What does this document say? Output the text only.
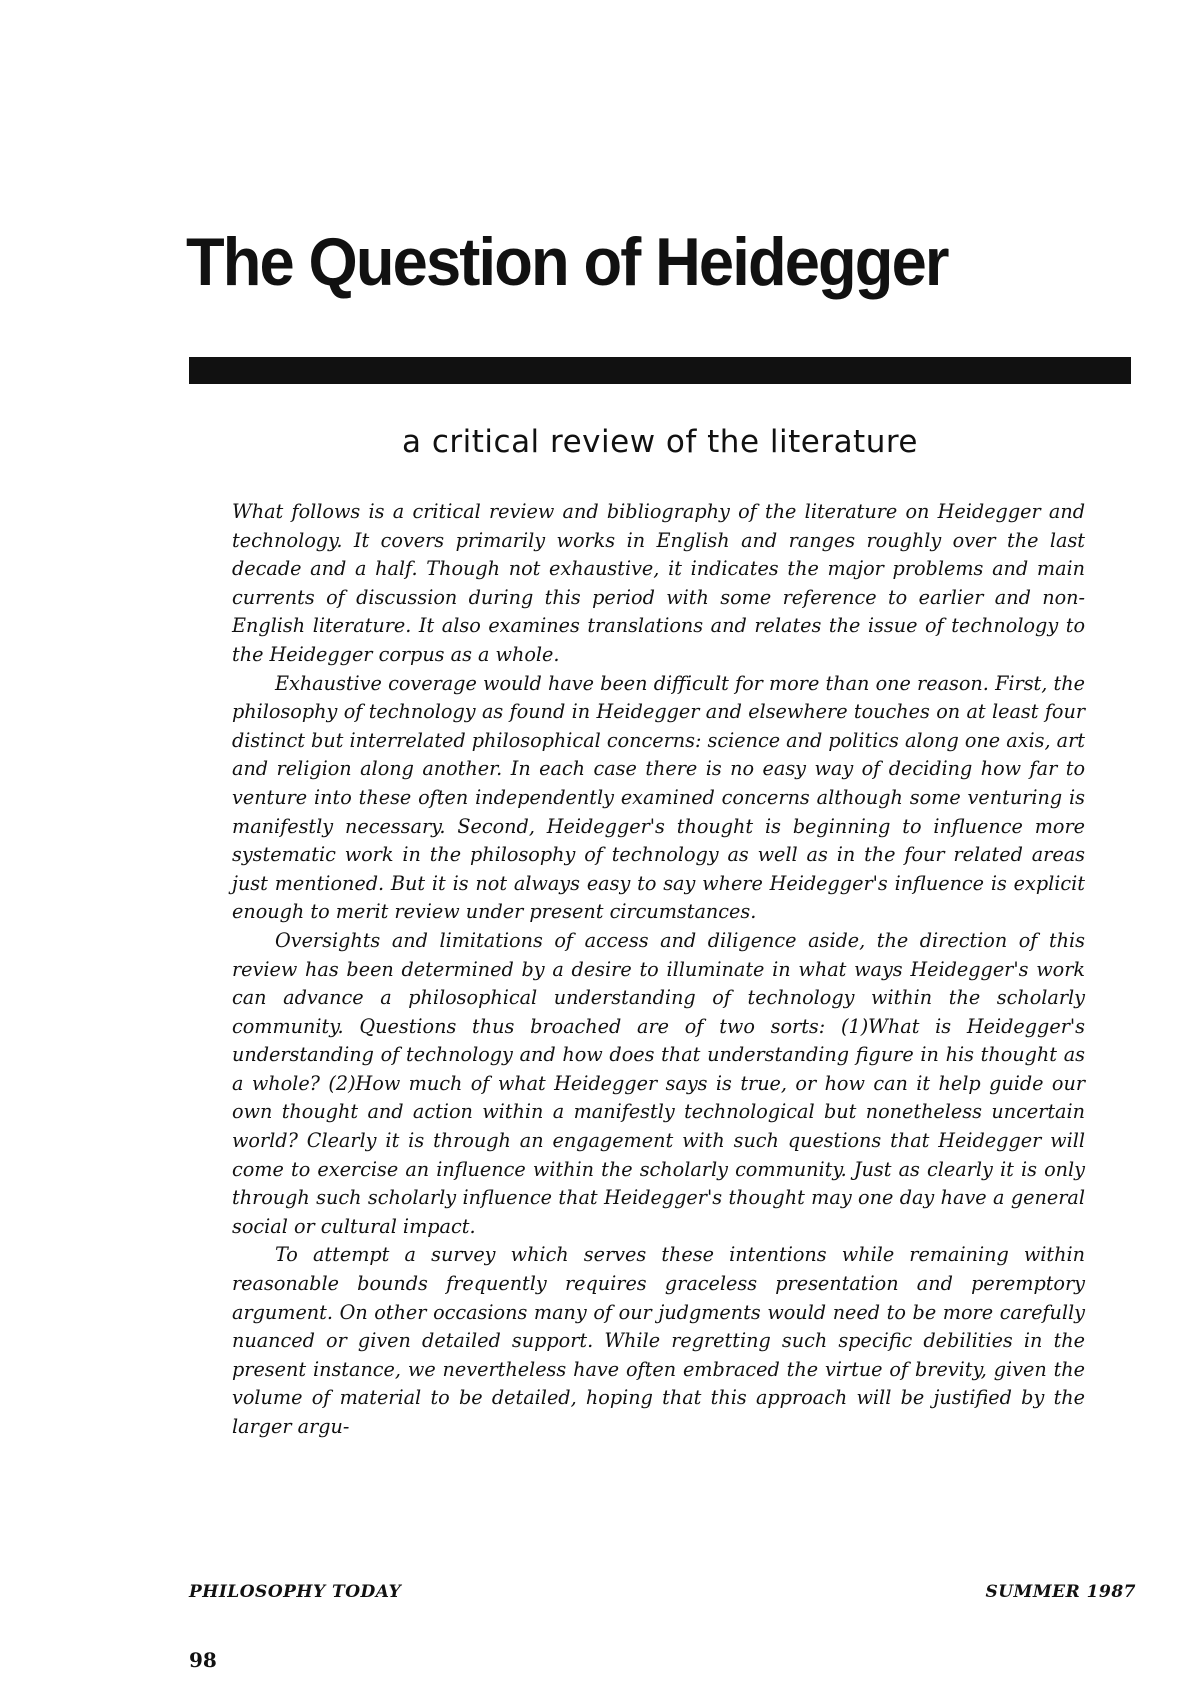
The Question of Heidegger
a critical review of the literature

What follows is a critical review and bibliography of the literature on Heidegger and technology. It covers primarily works in English and ranges roughly over the last decade and a half. Though not exhaustive, it indicates the major problems and main currents of discussion during this period with some reference to earlier and non-English literature. It also examines translations and relates the issue of technology to the Heidegger corpus as a whole.

Exhaustive coverage would have been difficult for more than one reason. First, the philosophy of technology as found in Heidegger and elsewhere touches on at least four distinct but interrelated philosophical concerns: science and politics along one axis, art and religion along another. In each case there is no easy way of deciding how far to venture into these often independently examined concerns although some venturing is manifestly necessary. Second, Heidegger's thought is beginning to influence more systematic work in the philosophy of technology as well as in the four related areas just mentioned. But it is not always easy to say where Heidegger's influence is explicit enough to merit review under present circumstances.

Oversights and limitations of access and diligence aside, the direction of this review has been determined by a desire to illuminate in what ways Heidegger's work can advance a philosophical understanding of technology within the scholarly community. Questions thus broached are of two sorts: (1)What is Heidegger's understanding of technology and how does that understanding figure in his thought as a whole? (2)How much of what Heidegger says is true, or how can it help guide our own thought and action within a manifestly technological but nonetheless uncertain world? Clearly it is through an engagement with such questions that Heidegger will come to exercise an influence within the scholarly community. Just as clearly it is only through such scholarly influence that Heidegger's thought may one day have a general social or cultural impact.

To attempt a survey which serves these intentions while remaining within reasonable bounds frequently requires graceless presentation and peremptory argument. On other occasions many of our judgments would need to be more carefully nuanced or given detailed support. While regretting such specific debilities in the present instance, we nevertheless have often embraced the virtue of brevity, given the volume of material to be detailed, hoping that this approach will be justified by the larger argu-

PHILOSOPHY TODAY	SUMMER 1987
98
